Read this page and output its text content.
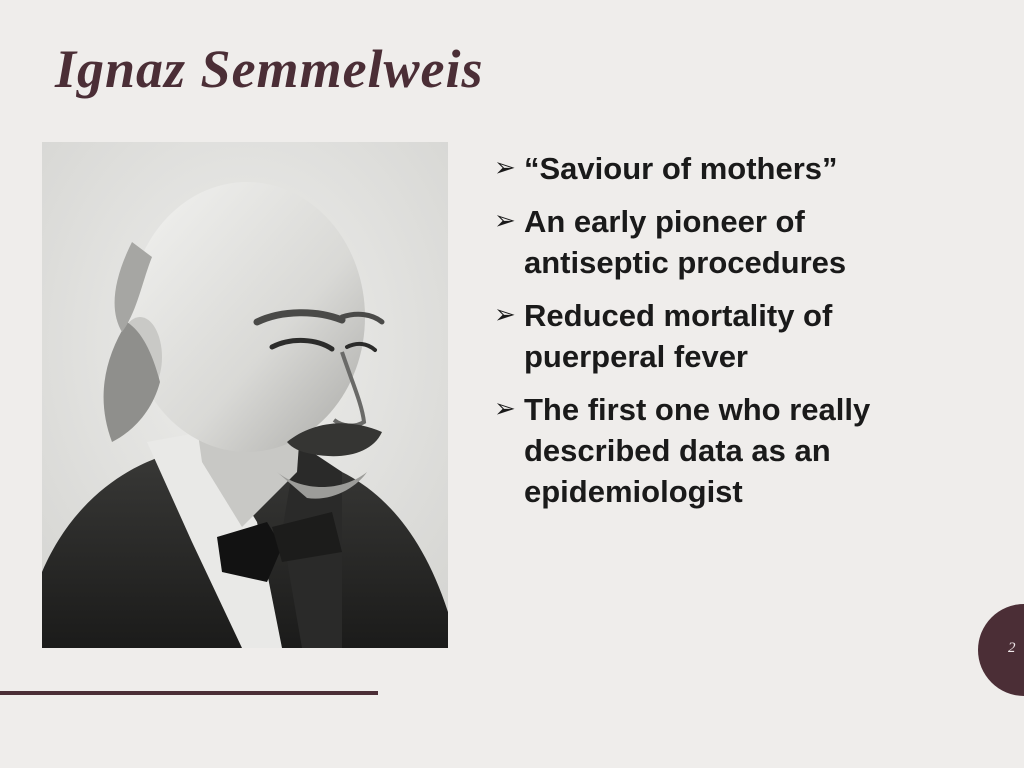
Ignaz Semmelweis
➢ “Saviour of mothers”
➢ An early pioneer of antiseptic procedures
➢ Reduced mortality of puerperal fever
➢ The first one who really described data as an epidemiologist
2
